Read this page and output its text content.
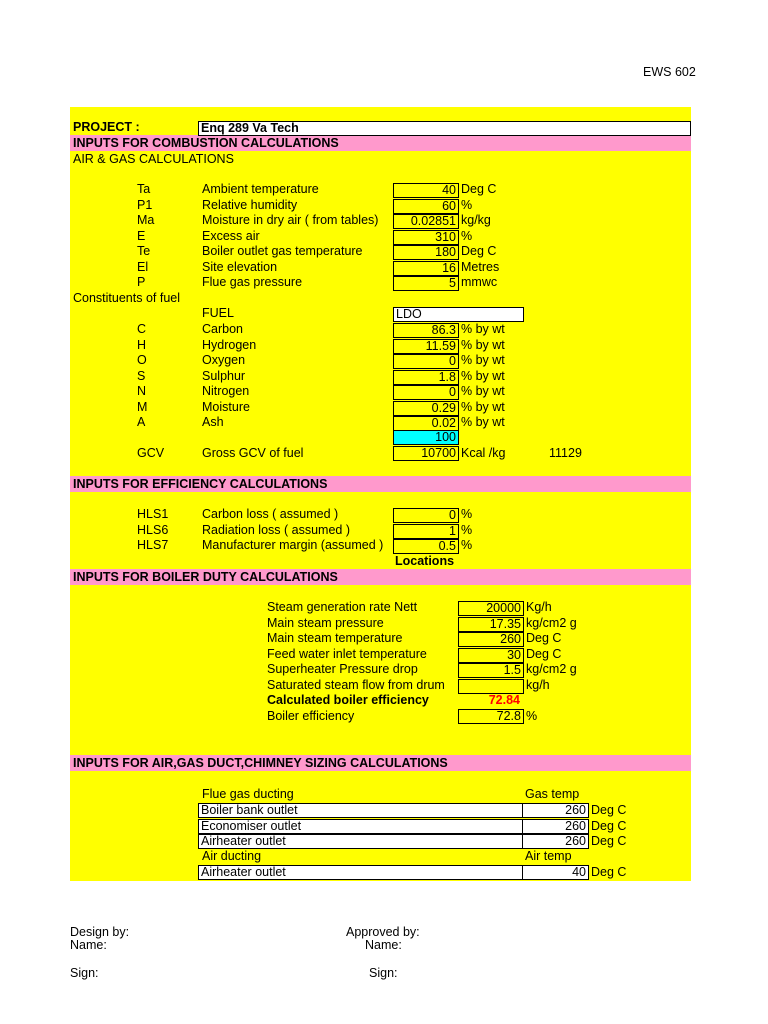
EWS 602
INPUTS FOR COMBUSTION CALCULATIONS
INPUTS FOR EFFICIENCY CALCULATIONS
INPUTS FOR BOILER DUTY CALCULATIONS
INPUTS FOR AIR,GAS DUCT,CHIMNEY SIZING CALCULATIONS
PROJECT :	Enq 289 Va Tech
AIR & GAS CALCULATIONS
Ta	Ambient temperature	40 Deg C
P1	Relative humidity	60 %
Ma	Moisture in dry air ( from tables)	0.02851 kg/kg
E	Excess air	310 %
Te	Boiler outlet gas temperature	180 Deg C
El	Site elevation	16 Metres
P	Flue gas pressure	5 mmwc
Constituents of fuel
FUEL	LDO
C	Carbon	86.3 % by wt
H	Hydrogen	11.59 % by wt
O	Oxygen	0 % by wt
S	Sulphur	1.8 % by wt
N	Nitrogen	0 % by wt
M	Moisture	0.29 % by wt
A	Ash	0.02 % by wt
100
GCV	Gross GCV of fuel	10700 Kcal /kg	11129
HLS1	Carbon loss ( assumed )	0 %
HLS6	Radiation loss ( assumed )	1 %
HLS7	Manufacturer margin (assumed )	0.5 %
Locations
Steam generation rate Nett	20000 Kg/h
Main steam pressure	17.35 kg/cm2 g
Main steam temperature	260 Deg C
Feed water inlet temperature	30 Deg C
Superheater Pressure drop	1.5 kg/cm2 g
Saturated steam flow from drum	kg/h
Calculated boiler efficiency	72.84
Boiler efficiency	72.8 %
Flue gas ducting	Gas temp
Boiler bank outlet	260 Deg C
Economiser outlet	260 Deg C
Airheater outlet	260 Deg C
Air ducting	Air temp
Airheater outlet	40 Deg C
Design by:
Name:
Sign:
Approved by:
Name:
Sign:
